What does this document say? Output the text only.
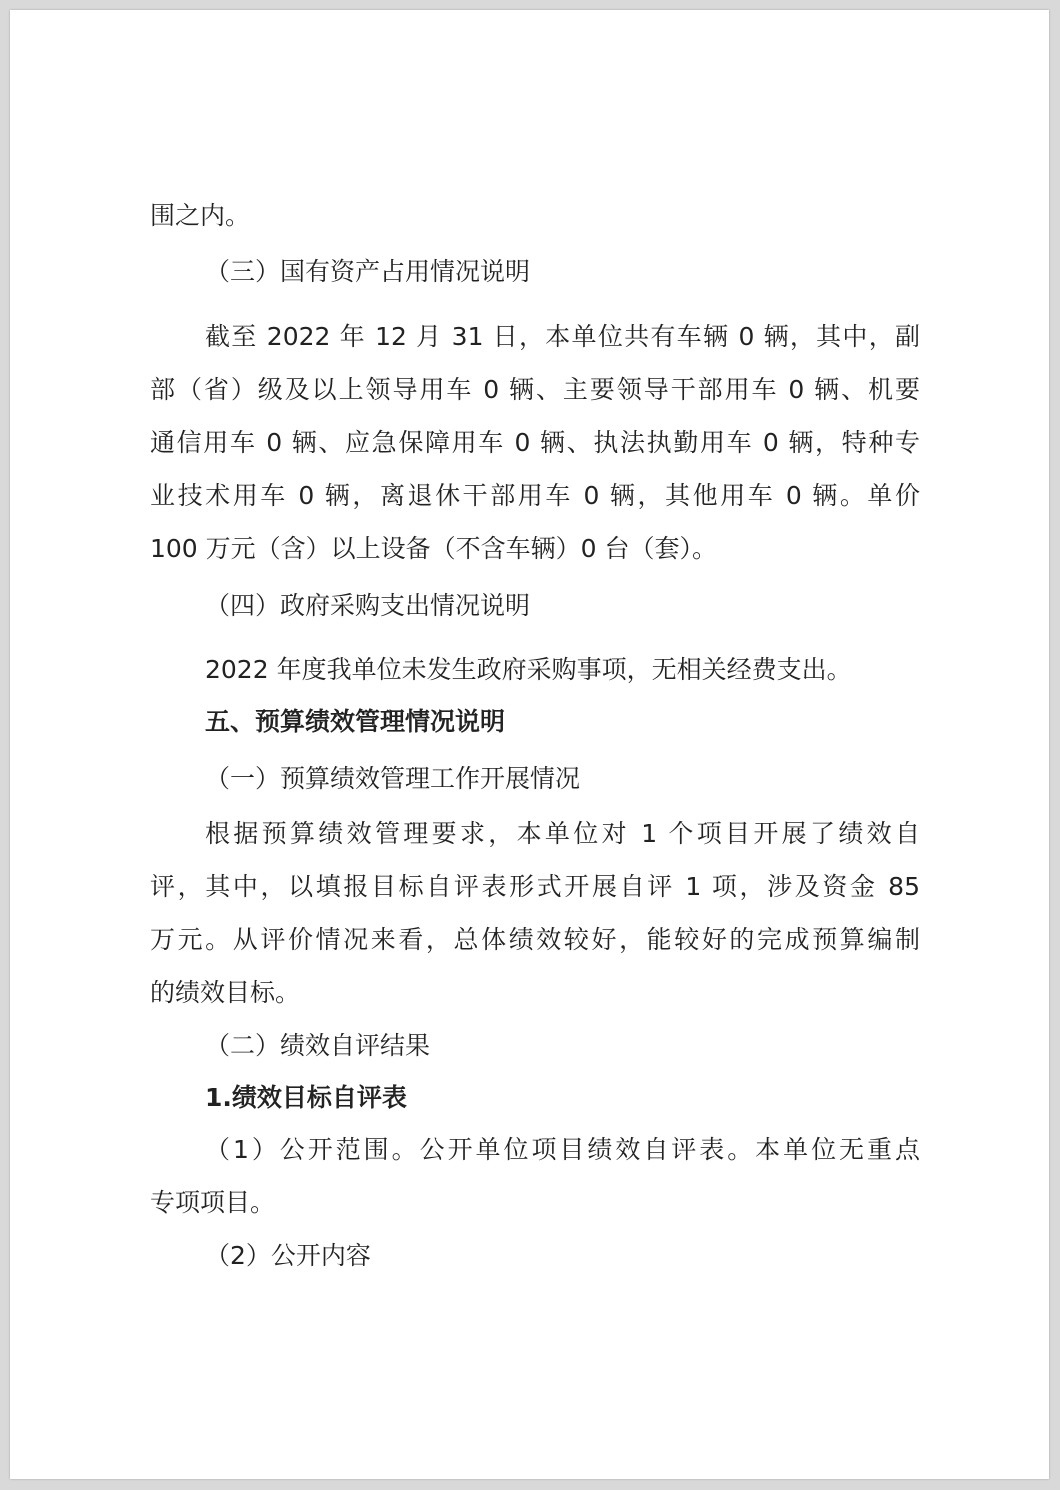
围之内。
（三）国有资产占用情况说明
截至 2022 年 12 月 31 日，本单位共有车辆 0 辆，其中，副
部（省）级及以上领导用车 0 辆、主要领导干部用车 0 辆、机要
通信用车 0 辆、应急保障用车 0 辆、执法执勤用车 0 辆，特种专
业技术用车 0 辆，离退休干部用车 0 辆，其他用车 0 辆。单价
100 万元（含）以上设备（不含车辆）0 台（套）。
（四）政府采购支出情况说明
2022 年度我单位未发生政府采购事项，无相关经费支出。
五、预算绩效管理情况说明
（一）预算绩效管理工作开展情况
根据预算绩效管理要求，本单位对 1 个项目开展了绩效自
评，其中，以填报目标自评表形式开展自评 1 项，涉及资金 85
万元。从评价情况来看，总体绩效较好，能较好的完成预算编制
的绩效目标。
（二）绩效自评结果
1.绩效目标自评表
（1）公开范围。公开单位项目绩效自评表。本单位无重点
专项项目。
（2）公开内容
